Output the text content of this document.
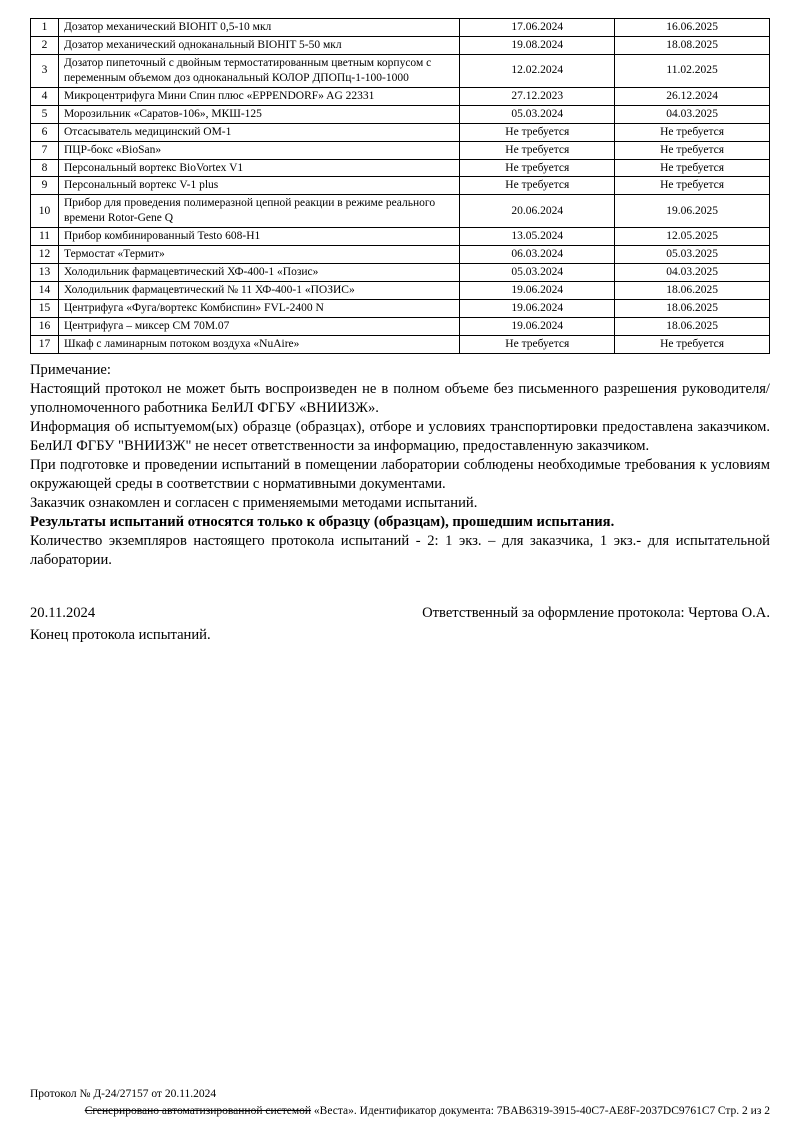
1	Дозатор механический BIOHIT 0,5-10 мкл	17.06.2024	16.06.2025
2	Дозатор механический одноканальный BIOHIT 5-50 мкл	19.08.2024	18.08.2025
3	Дозатор пипеточный с двойным термостатированным цветным корпусом с переменным объемом доз одноканальный КОЛОР ДПОПц-1-100-1000	12.02.2024	11.02.2025
4	Микроцентрифуга Мини Спин плюс «EPPENDORF» AG 22331	27.12.2023	26.12.2024
5	Морозильник «Саратов-106», МКШ-125	05.03.2024	04.03.2025
6	Отсасыватель медицинский ОМ-1	Не требуется	Не требуется
7	ПЦР-бокс «BioSan»	Не требуется	Не требуется
8	Персональный вортекс BioVortex V1	Не требуется	Не требуется
9	Персональный вортекс V-1 plus	Не требуется	Не требуется
10	Прибор для проведения полимеразной цепной реакции в режиме реального времени Rotor-Gene Q	20.06.2024	19.06.2025
11	Прибор комбинированный Testo 608-H1	13.05.2024	12.05.2025
12	Термостат «Термит»	06.03.2024	05.03.2025
13	Холодильник фармацевтический ХФ-400-1 «Позис»	05.03.2024	04.03.2025
14	Холодильник фармацевтический № 11 ХФ-400-1 «ПОЗИС»	19.06.2024	18.06.2025
15	Центрифуга «Фуга/вортекс Комбиспин» FVL-2400 N	19.06.2024	18.06.2025
16	Центрифуга – миксер СМ 70М.07	19.06.2024	18.06.2025
17	Шкаф с ламинарным потоком воздуха «NuAire»	Не требуется	Не требуется
Примечание:
Настоящий протокол не может быть воспроизведен не в полном объеме без письменного разрешения руководителя/уполномоченного работника БелИЛ ФГБУ «ВНИИЗЖ».
Информация об испытуемом(ых) образце (образцах), отборе и условиях транспортировки предоставлена заказчиком. БелИЛ ФГБУ "ВНИИЗЖ" не несет ответственности за информацию, предоставленную заказчиком.
При подготовке и проведении испытаний в помещении лаборатории соблюдены необходимые требования к условиям окружающей среды в соответствии с нормативными документами.
Заказчик ознакомлен и согласен с применяемыми методами испытаний.
Результаты испытаний относятся только к образцу (образцам), прошедшим испытания.
Количество экземпляров настоящего протокола испытаний - 2: 1 экз. – для заказчика, 1 экз.- для испытательной лаборатории.
20.11.2024	Ответственный за оформление протокола: Чертова О.А.
Конец протокола испытаний.
Протокол № Д-24/27157 от 20.11.2024
Сгенерировано автоматизированной системой «Веста». Идентификатор документа: 7BAB6319-3915-40C7-AE8F-2037DC9761C7 Стр. 2 из 2
